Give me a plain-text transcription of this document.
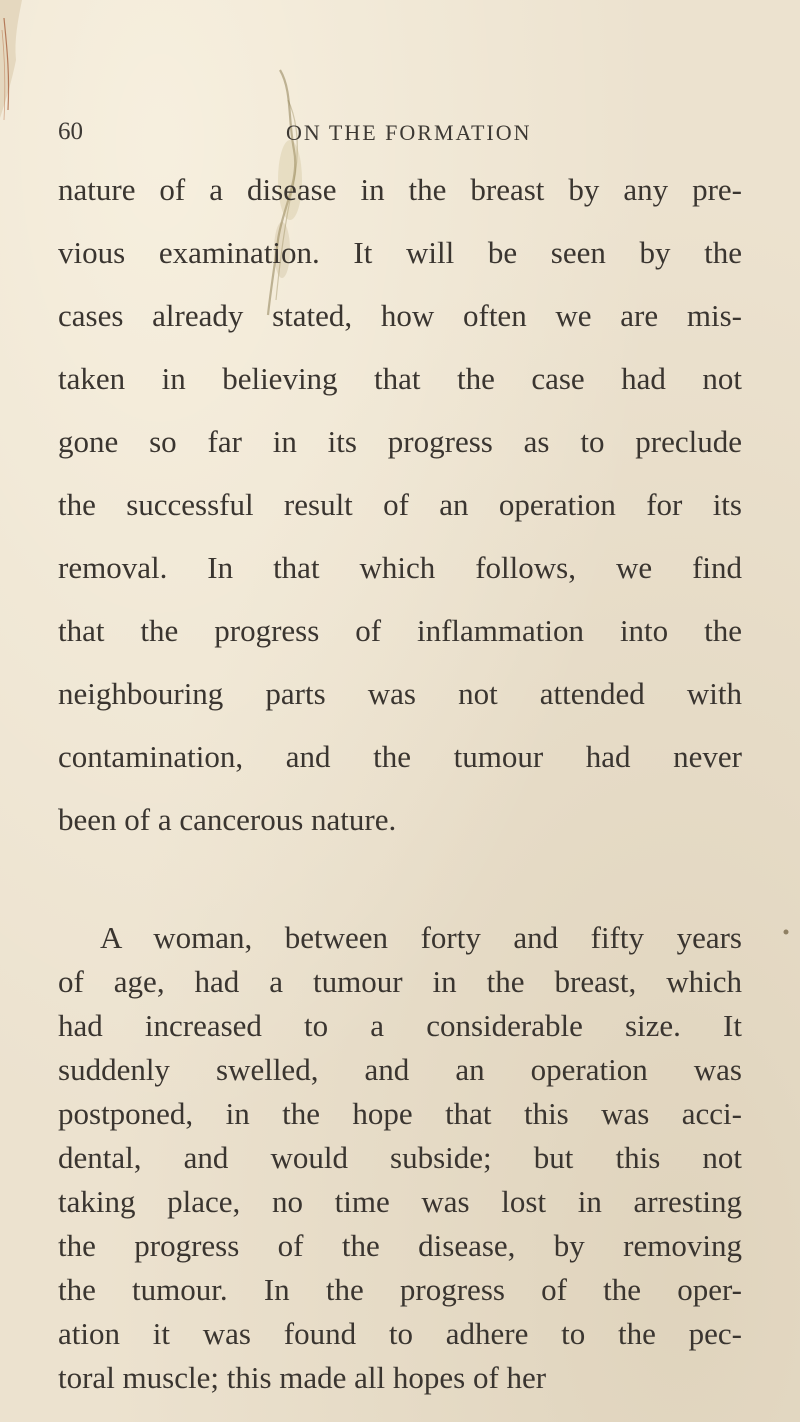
60	ON THE FORMATION
nature of a disease in the breast by any pre-
vious examination. It will be seen by the
cases already stated, how often we are mis-
taken in believing that the case had not
gone so far in its progress as to preclude
the successful result of an operation for its
removal. In that which follows, we find
that the progress of inflammation into the
neighbouring parts was not attended with
contamination, and the tumour had never
been of a cancerous nature.
A woman, between forty and fifty years
of age, had a tumour in the breast, which
had increased to a considerable size. It
suddenly swelled, and an operation was
postponed, in the hope that this was acci-
dental, and would subside; but this not
taking place, no time was lost in arresting
the progress of the disease, by removing
the tumour. In the progress of the oper-
ation it was found to adhere to the pec-
toral muscle; this made all hopes of her
